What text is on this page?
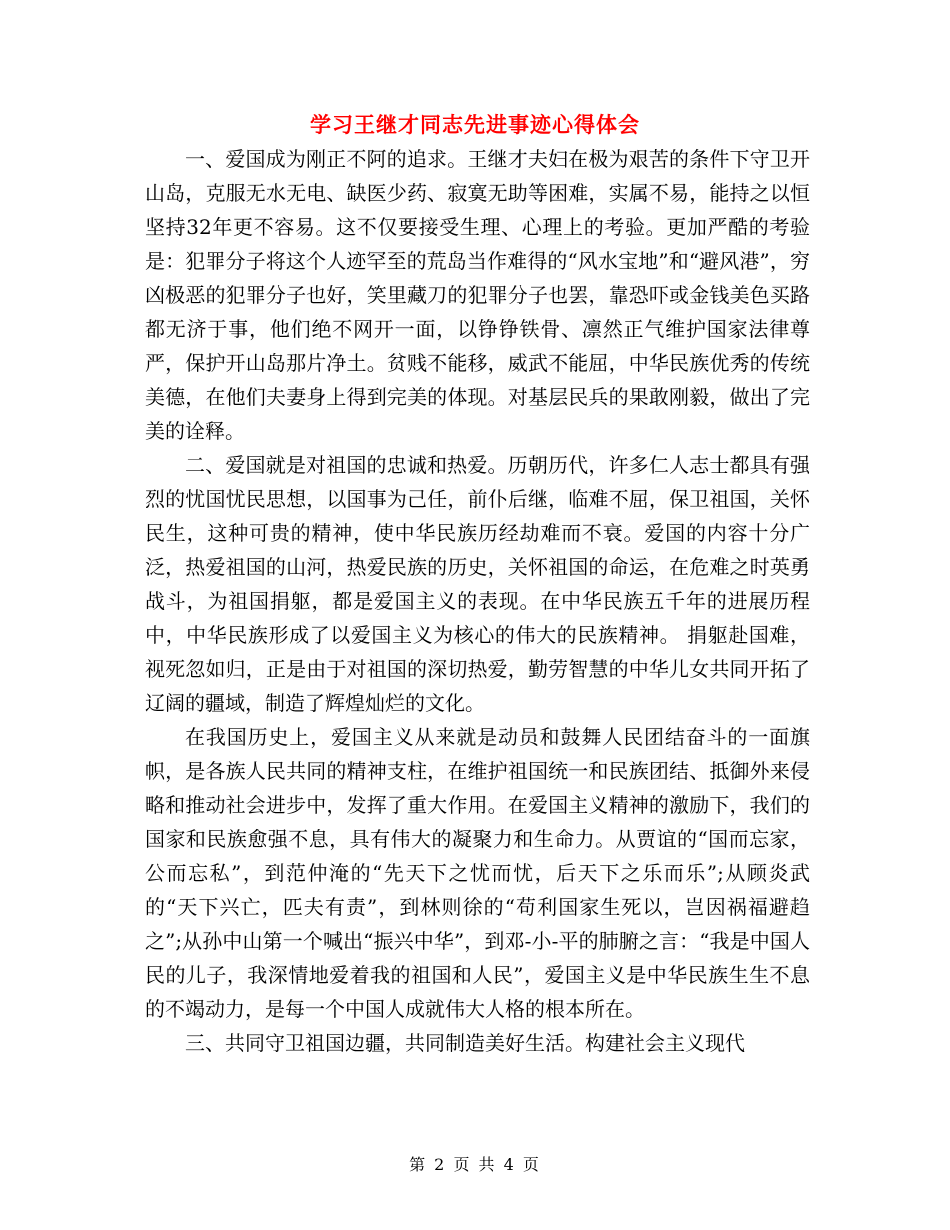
学习王继才同志先进事迹心得体会

一、爱国成为刚正不阿的追求。王继才夫妇在极为艰苦的条件下守卫开山岛，克服无水无电、缺医少药、寂寞无助等困难，实属不易，能持之以恒坚持32年更不容易。这不仅要接受生理、心理上的考验。更加严酷的考验是：犯罪分子将这个人迹罕至的荒岛当作难得的“风水宝地”和“避风港”，穷凶极恶的犯罪分子也好，笑里藏刀的犯罪分子也罢，靠恐吓或金钱美色买路都无济于事，他们绝不网开一面，以铮铮铁骨、凛然正气维护国家法律尊严，保护开山岛那片净土。贫贱不能移，威武不能屈，中华民族优秀的传统美德，在他们夫妻身上得到完美的体现。对基层民兵的果敢刚毅，做出了完美的诠释。

二、爱国就是对祖国的忠诚和热爱。历朝历代，许多仁人志士都具有强烈的忧国忧民思想，以国事为己任，前仆后继，临难不屈，保卫祖国，关怀民生，这种可贵的精神，使中华民族历经劫难而不衰。爱国的内容十分广泛，热爱祖国的山河，热爱民族的历史，关怀祖国的命运，在危难之时英勇战斗，为祖国捐躯，都是爱国主义的表现。在中华民族五千年的进展历程中，中华民族形成了以爱国主义为核心的伟大的民族精神。 捐躯赴国难，视死忽如归，正是由于对祖国的深切热爱，勤劳智慧的中华儿女共同开拓了辽阔的疆域，制造了辉煌灿烂的文化。

在我国历史上，爱国主义从来就是动员和鼓舞人民团结奋斗的一面旗帜，是各族人民共同的精神支柱，在维护祖国统一和民族团结、抵御外来侵略和推动社会进步中，发挥了重大作用。在爱国主义精神的激励下，我们的国家和民族愈强不息，具有伟大的凝聚力和生命力。从贾谊的“国而忘家，公而忘私”，到范仲淹的“先天下之忧而忧，后天下之乐而乐”;从顾炎武的“天下兴亡，匹夫有责”，到林则徐的“苟利国家生死以，岂因祸福避趋之”;从孙中山第一个喊出“振兴中华”，到邓-小-平的肺腑之言：“我是中国人民的儿子，我深情地爱着我的祖国和人民”，爱国主义是中华民族生生不息的不竭动力，是每一个中国人成就伟大人格的根本所在。

三、共同守卫祖国边疆，共同制造美好生活。构建社会主义现代

第 2 页 共 4 页
